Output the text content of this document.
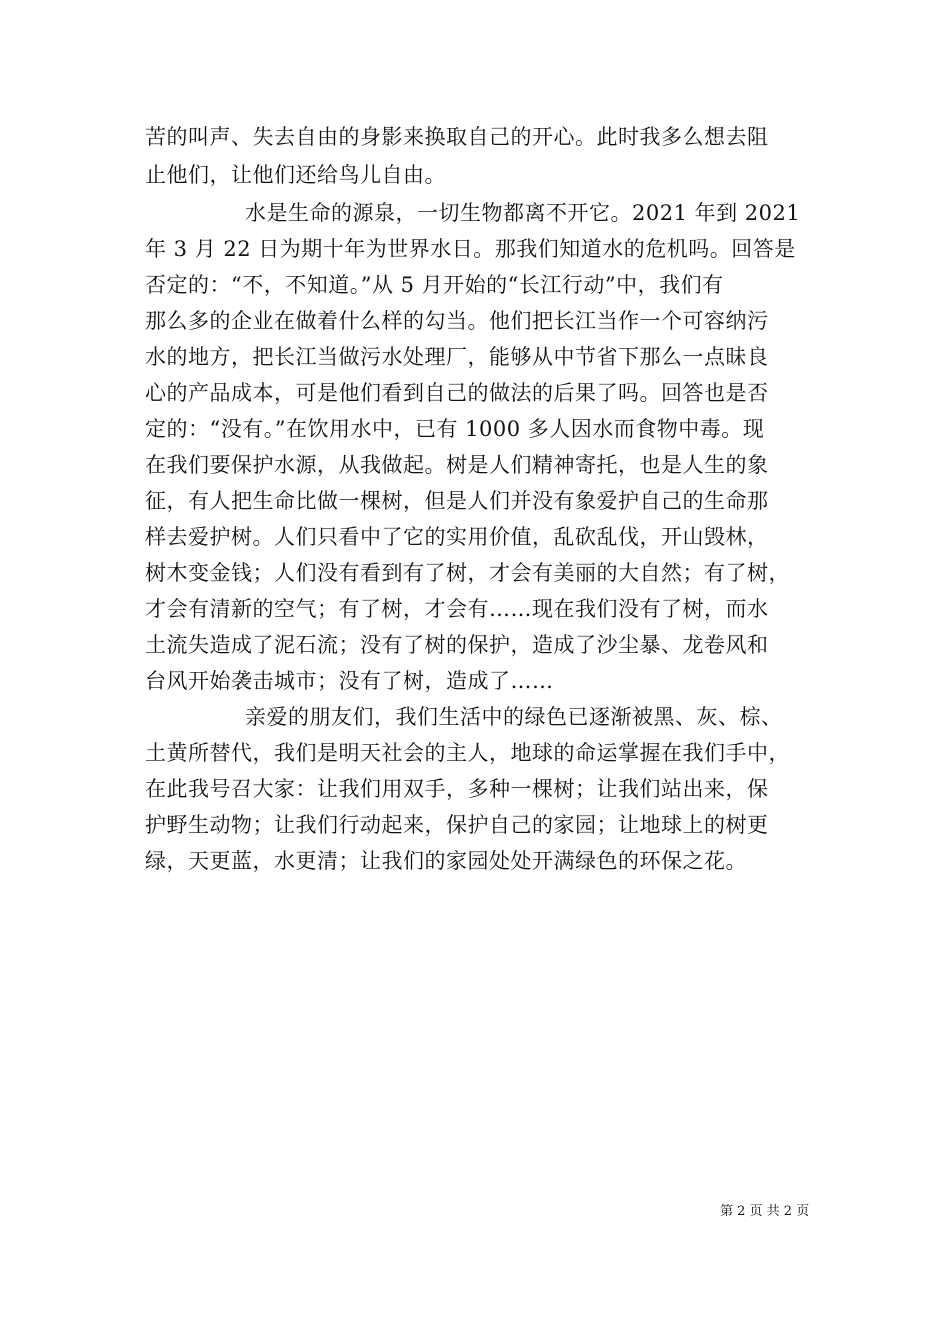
苦的叫声、失去自由的身影来换取自己的开心。此时我多么想去阻
止他们，让他们还给鸟儿自由。
水是生命的源泉，一切生物都离不开它。2021 年到 2021
年 3 月 22 日为期十年为世界水日。那我们知道水的危机吗。回答是
否定的：“不，不知道。”从 5 月开始的“长江行动”中，我们有
那么多的企业在做着什么样的勾当。他们把长江当作一个可容纳污
水的地方，把长江当做污水处理厂，能够从中节省下那么一点昧良
心的产品成本，可是他们看到自己的做法的后果了吗。回答也是否
定的：“没有。”在饮用水中，已有 1000 多人因水而食物中毒。现
在我们要保护水源，从我做起。树是人们精神寄托，也是人生的象
征，有人把生命比做一棵树，但是人们并没有象爱护自己的生命那
样去爱护树。人们只看中了它的实用价值，乱砍乱伐，开山毁林，
树木变金钱；人们没有看到有了树，才会有美丽的大自然；有了树，
才会有清新的空气；有了树，才会有……现在我们没有了树，而水
土流失造成了泥石流；没有了树的保护，造成了沙尘暴、龙卷风和
台风开始袭击城市；没有了树，造成了……
亲爱的朋友们，我们生活中的绿色已逐渐被黑、灰、棕、
土黄所替代，我们是明天社会的主人，地球的命运掌握在我们手中，
在此我号召大家：让我们用双手，多种一棵树；让我们站出来，保
护野生动物；让我们行动起来，保护自己的家园；让地球上的树更
绿，天更蓝，水更清；让我们的家园处处开满绿色的环保之花。
第 2 页 共 2 页
